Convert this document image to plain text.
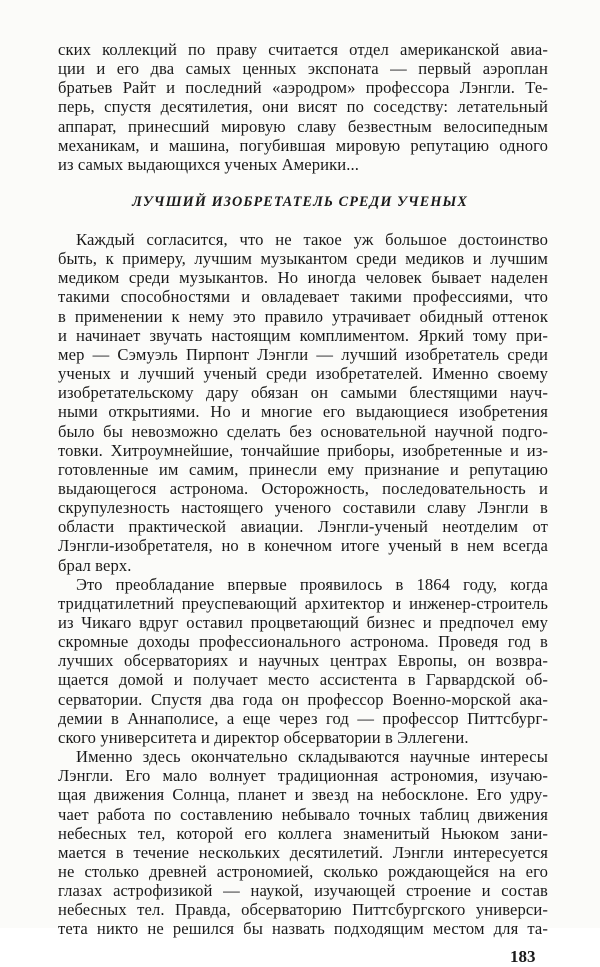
ских коллекций по праву считается отдел американской авиа-
ции и его два самых ценных экспоната — первый аэроплан
братьев Райт и последний «аэродром» профессора Лэнгли. Те-
перь, спустя десятилетия, они висят по соседству: летательный
аппарат, принесший мировую славу безвестным велосипедным
механикам, и машина, погубившая мировую репутацию одного
из самых выдающихся ученых Америки...
ЛУЧШИЙ ИЗОБРЕТАТЕЛЬ СРЕДИ УЧЕНЫХ
Каждый согласится, что не такое уж большое достоинство
быть, к примеру, лучшим музыкантом среди медиков и лучшим
медиком среди музыкантов. Но иногда человек бывает наделен
такими способностями и овладевает такими профессиями, что
в применении к нему это правило утрачивает обидный оттенок
и начинает звучать настоящим комплиментом. Яркий тому при-
мер — Сэмуэль Пирпонт Лэнгли — лучший изобретатель среди
ученых и лучший ученый среди изобретателей. Именно своему
изобретательскому дару обязан он самыми блестящими науч-
ными открытиями. Но и многие его выдающиеся изобретения
было бы невозможно сделать без основательной научной подго-
товки. Хитроумнейшие, тончайшие приборы, изобретенные и из-
готовленные им самим, принесли ему признание и репутацию
выдающегося астронома. Осторожность, последовательность и
скрупулезность настоящего ученого составили славу Лэнгли в
области практической авиации. Лэнгли-ученый неотделим от
Лэнгли-изобретателя, но в конечном итоге ученый в нем всегда
брал верх.
Это преобладание впервые проявилось в 1864 году, когда
тридцатилетний преуспевающий архитектор и инженер-строитель
из Чикаго вдруг оставил процветающий бизнес и предпочел ему
скромные доходы профессионального астронома. Проведя год в
лучших обсерваториях и научных центрах Европы, он возвра-
щается домой и получает место ассистента в Гарвардской об-
серватории. Спустя два года он профессор Военно-морской ака-
демии в Аннаполисе, а еще через год — профессор Питтсбург-
ского университета и директор обсерватории в Эллегени.
Именно здесь окончательно складываются научные интересы
Лэнгли. Его мало волнует традиционная астрономия, изучаю-
щая движения Солнца, планет и звезд на небосклоне. Его удру-
чает работа по составлению небывало точных таблиц движения
небесных тел, которой его коллега знаменитый Ньюком зани-
мается в течение нескольких десятилетий. Лэнгли интересуется
не столько древней астрономией, сколько рождающейся на его
глазах астрофизикой — наукой, изучающей строение и состав
небесных тел. Правда, обсерваторию Питтсбургского универси-
тета никто не решился бы назвать подходящим местом для та-
183
